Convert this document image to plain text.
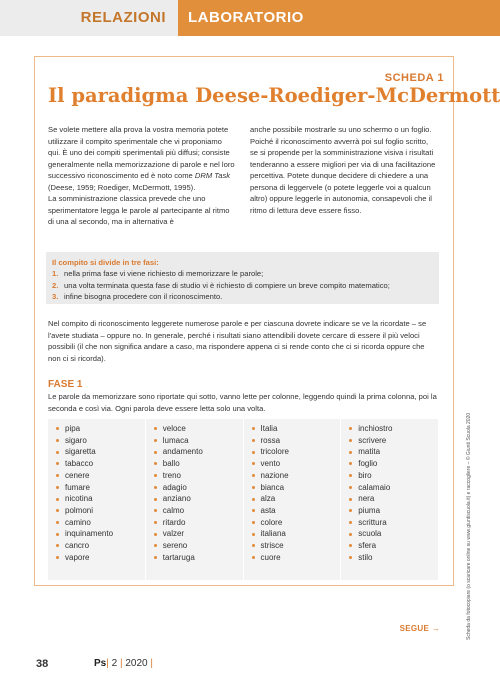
RELAZIONI LABORATORIO
SCHEDA 1
Il paradigma Deese-Roediger-McDermott

Se volete mettere alla prova la vostra memoria potete utilizzare il compito sperimentale che vi proponiamo qui. È uno dei compiti sperimentali più diffusi; consiste generalmente nella memorizzazione di parole e nel loro successivo riconoscimento ed è noto come DRM Task (Deese, 1959; Roediger, McDermott, 1995).

La somministrazione classica prevede che uno sperimentatore legga le parole al partecipante al ritmo di una al secondo, ma in alternativa è

anche possibile mostrarle su uno schermo o un foglio. Poiché il riconoscimento avverrà poi sul foglio scritto, se si propende per la somministrazione visiva i risultati tenderanno a essere migliori per via di una facilitazione percettiva. Potete dunque decidere di chiedere a una persona di leggervele (o potete leggerle voi a qualcun altro) oppure leggerle in autonomia, consapevoli che il ritmo di lettura deve essere fisso.

Il compito si divide in tre fasi:
1. nella prima fase vi viene richiesto di memorizzare le parole;
2. una volta terminata questa fase di studio vi è richiesto di compiere un breve compito matematico;
3. infine bisogna procedere con il riconoscimento.
Nel compito di riconoscimento leggerete numerose parole e per ciascuna dovrete indicare se ve la ricordate – se l'avete studiata – oppure no. In generale, perché i risultati siano attendibili dovete cercare di essere il più veloci possibili (il che non significa andare a caso, ma rispondere appena ci si rende conto che ci si ricorda oppure che non ci si ricorda).
FASE 1
Le parole da memorizzare sono riportate qui sotto, vanno lette per colonne, leggendo quindi la prima colonna, poi la seconda e così via. Ogni parola deve essere letta solo una volta.
pipa
sigaro
sigaretta
tabacco
cenere
fumare
nicotina
polmoni
camino
inquinamento
cancro
vapore
veloce
lumaca
andamento
ballo
treno
adagio
anziano
calmo
ritardo
valzer
sereno
tartaruga
Italia
rossa
tricolore
vento
nazione
bianca
alza
asta
colore
italiana
strisce
cuore
inchiostro
scrivere
matita
foglio
biro
calamaio
nera
piuma
scrittura
scuola
sfera
stilo
SEGUE →	Scheda da fotocopiare (o scaricare online su www.giuntiscuola.it) e raccogliere – © Giunti Scuola 2020
38	Ps| 2 | 2020 |
